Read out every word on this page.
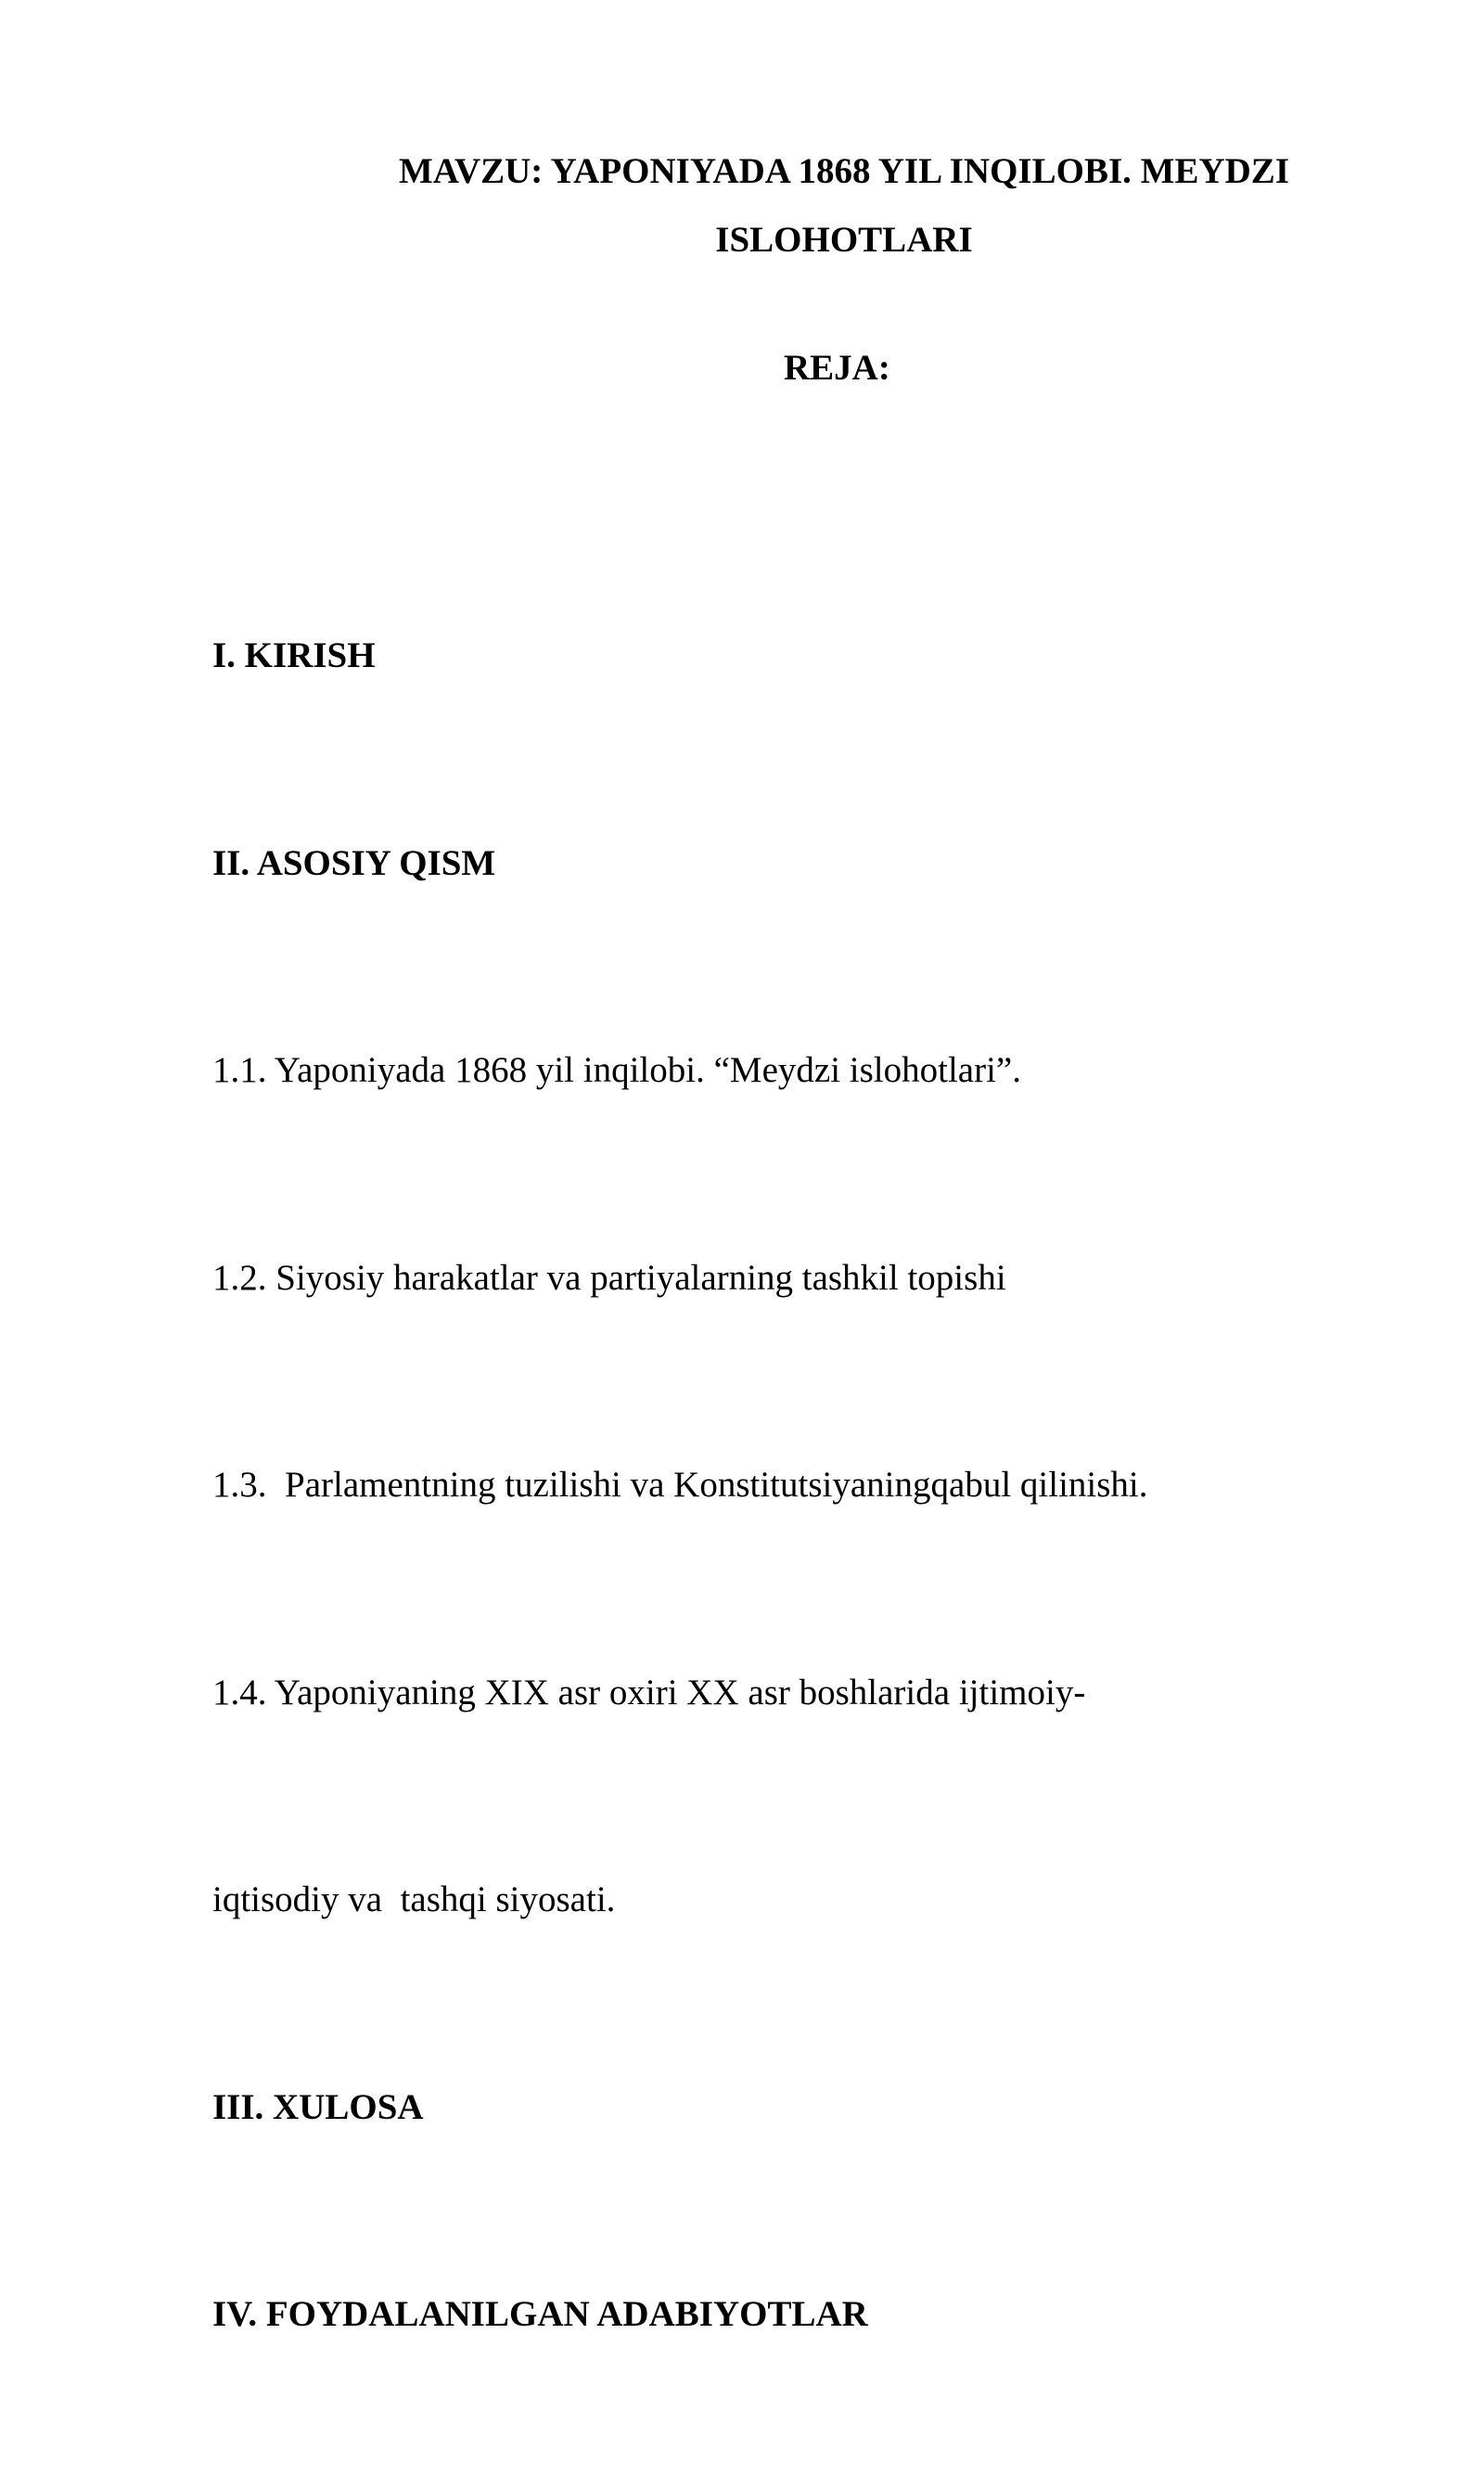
MAVZU: YAPONIYADA 1868 YIL INQILOBI. MEYDZI
ISLOHOTLARI
REJA:

I. KIRISH

II. ASOSIY QISM

1.1. Yaponiyada 1868 yil inqilobi. “Meydzi islohotlari”.

1.2. Siyosiy harakatlar va partiyalarning tashkil topishi

1.3.  Parlamentning tuzilishi va Konstitutsiyaningqabul qilinishi.

1.4. Yaponiyaning XIX asr oxiri XX asr boshlarida ijtimoiy-

iqtisodiy va  tashqi siyosati.

III. XULOSA

IV. FOYDALANILGAN ADABIYOTLAR
